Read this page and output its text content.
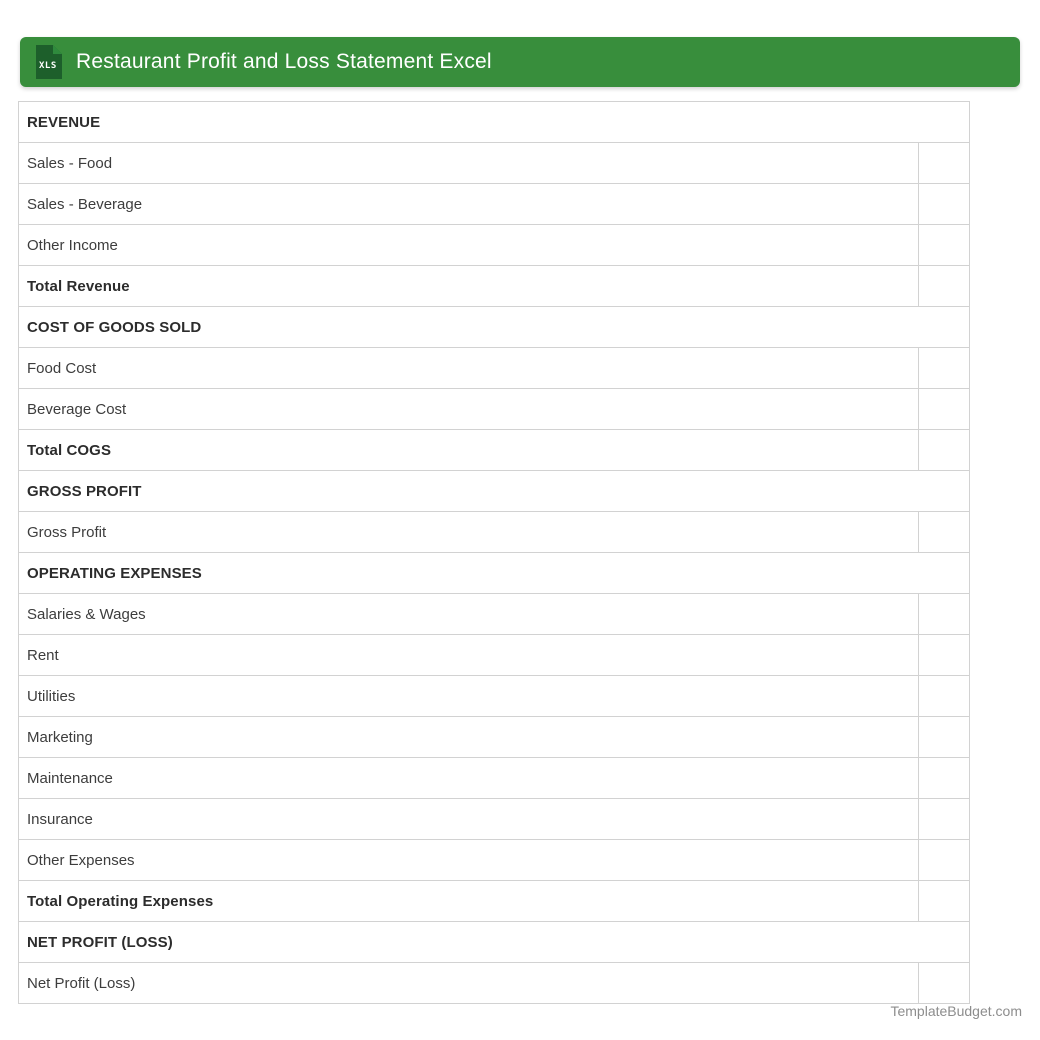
XLS Restaurant Profit and Loss Statement Excel
REVENUE
Sales - Food
Sales - Beverage
Other Income
Total Revenue
COST OF GOODS SOLD
Food Cost
Beverage Cost
Total COGS
GROSS PROFIT
Gross Profit
OPERATING EXPENSES
Salaries & Wages
Rent
Utilities
Marketing
Maintenance
Insurance
Other Expenses
Total Operating Expenses
NET PROFIT (LOSS)
Net Profit (Loss)
TemplateBudget.com
